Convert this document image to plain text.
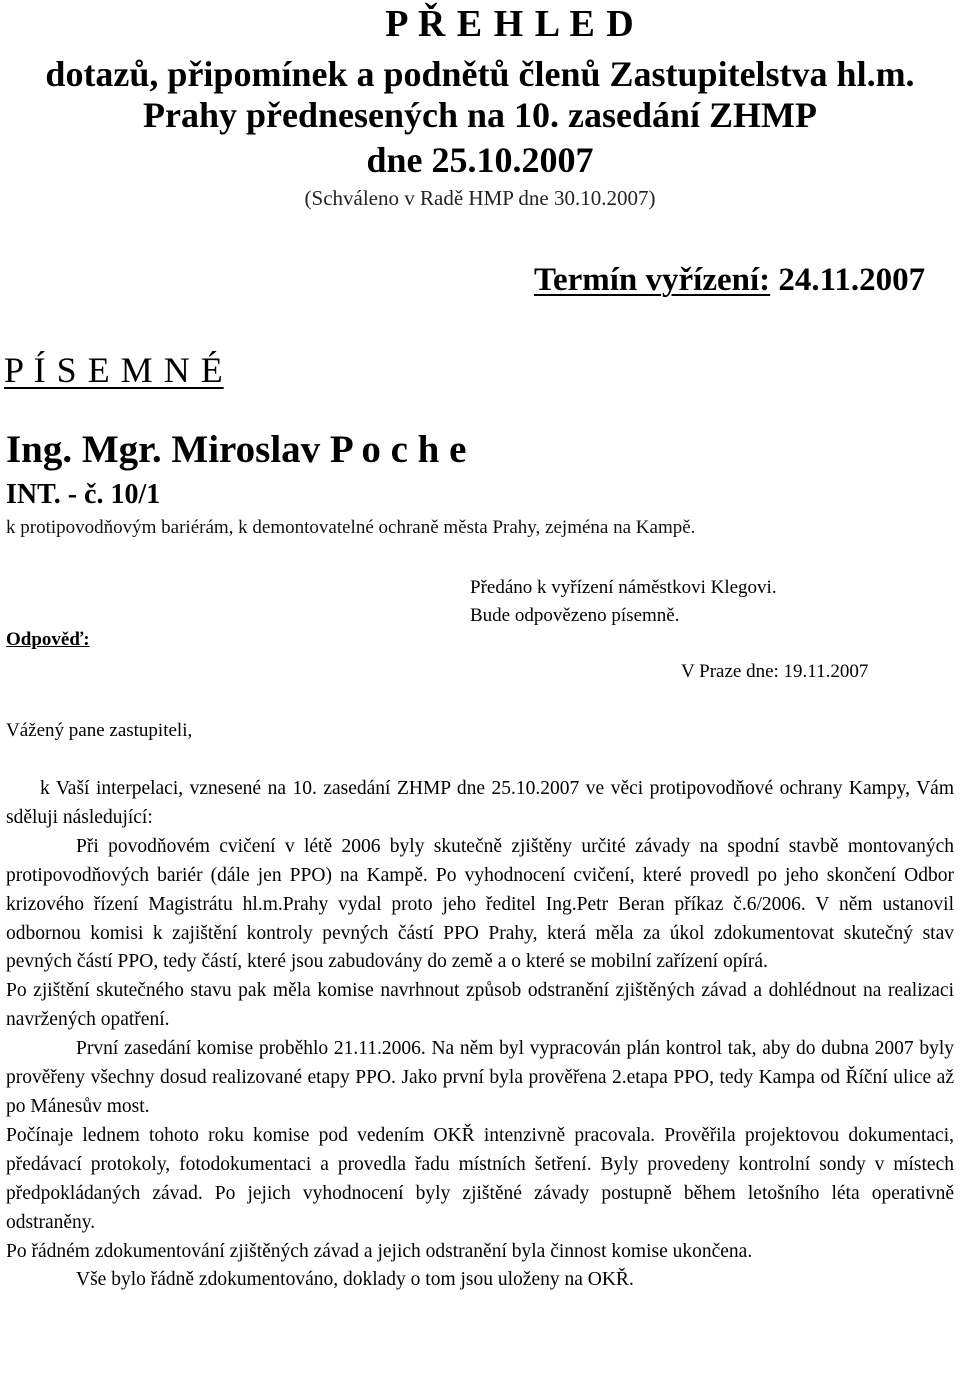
P Ř E H L E D
dotazů, připomínek a podnětů členů Zastupitelstva hl.m.
Prahy přednesených na 10. zasedání ZHMP
dne 25.10.2007
(Schváleno v Radě HMP dne 30.10.2007)
Termín vyřízení: 24.11.2007
P Í S E M N É
Ing. Mgr. Miroslav P o c h e
INT. - č. 10/1
k protipovodňovým bariérám, k demontovatelné ochraně města Prahy, zejména na Kampě.
Předáno k vyřízení náměstkovi Klegovi.
Bude odpovězeno písemně.
Odpověď:
V Praze dne: 19.11.2007
Vážený pane zastupiteli,

k Vaší interpelaci, vznesené na 10. zasedání ZHMP dne 25.10.2007 ve věci protipovodňové ochrany Kampy, Vám sděluji následující:

Při povodňovém cvičení v létě 2006 byly skutečně zjištěny určité závady na spodní stavbě montovaných protipovodňových bariér (dále jen PPO) na Kampě. Po vyhodnocení cvičení, které provedl po jeho skončení Odbor krizového řízení Magistrátu hl.m.Prahy vydal proto jeho ředitel Ing.Petr Beran příkaz č.6/2006. V něm ustanovil odbornou komisi k zajištění kontroly pevných částí PPO Prahy, která měla za úkol zdokumentovat skutečný stav pevných částí PPO, tedy částí, které jsou zabudovány do země a o které se mobilní zařízení opírá.

Po zjištění skutečného stavu pak měla komise navrhnout způsob odstranění zjištěných závad a dohlédnout na realizaci navržených opatření.

První zasedání komise proběhlo 21.11.2006. Na něm byl vypracován plán kontrol tak, aby do dubna 2007 byly prověřeny všechny dosud realizované etapy PPO. Jako první byla prověřena 2.etapa PPO, tedy Kampa od Říční ulice až po Mánesův most.

Počínaje lednem tohoto roku komise pod vedením OKŘ intenzivně pracovala. Prověřila projektovou dokumentaci, předávací protokoly, fotodokumentaci a provedla řadu místních šetření. Byly provedeny kontrolní sondy v místech předpokládaných závad. Po jejich vyhodnocení byly zjištěné závady postupně během letošního léta operativně odstraněny.

Po řádném zdokumentování zjištěných závad a jejich odstranění byla činnost komise ukončena.

Vše bylo řádně zdokumentováno, doklady o tom jsou uloženy na OKŘ.
